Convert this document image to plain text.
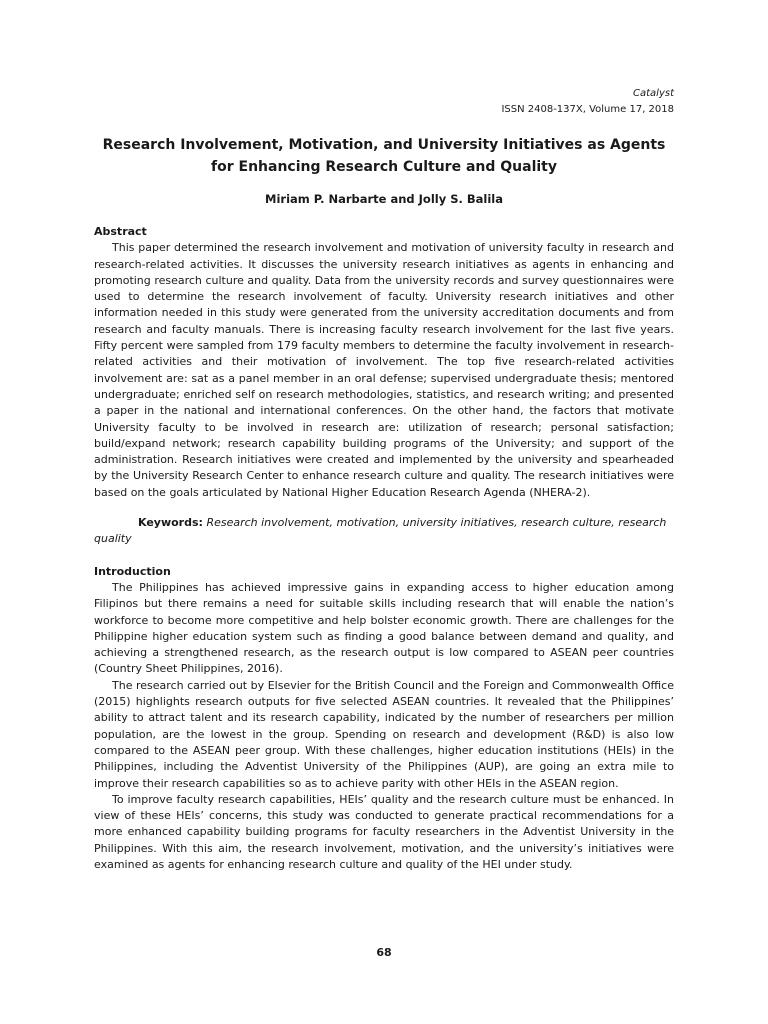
Catalyst
ISSN 2408-137X, Volume 17, 2018
Research Involvement, Motivation, and University Initiatives as Agents for Enhancing Research Culture and Quality
Miriam P. Narbarte and Jolly S. Balila

Abstract

This paper determined the research involvement and motivation of university faculty in research and research-related activities. It discusses the university research initiatives as agents in enhancing and promoting research culture and quality. Data from the university records and survey questionnaires were used to determine the research involvement of faculty. University research initiatives and other information needed in this study were generated from the university accreditation documents and from research and faculty manuals. There is increasing faculty research involvement for the last five years. Fifty percent were sampled from 179 faculty members to determine the faculty involvement in research-related activities and their motivation of involvement. The top five research-related activities involvement are: sat as a panel member in an oral defense; supervised undergraduate thesis; mentored undergraduate; enriched self on research methodologies, statistics, and research writing; and presented a paper in the national and international conferences. On the other hand, the factors that motivate University faculty to be involved in research are: utilization of research; personal satisfaction; build/expand network; research capability building programs of the University; and support of the administration. Research initiatives were created and implemented by the university and spearheaded by the University Research Center to enhance research culture and quality. The research initiatives were based on the goals articulated by National Higher Education Research Agenda (NHERA-2).

Keywords: Research involvement, motivation, university initiatives, research culture, research quality

Introduction

The Philippines has achieved impressive gains in expanding access to higher education among Filipinos but there remains a need for suitable skills including research that will enable the nation’s workforce to become more competitive and help bolster economic growth. There are challenges for the Philippine higher education system such as finding a good balance between demand and quality, and achieving a strengthened research, as the research output is low compared to ASEAN peer countries (Country Sheet Philippines, 2016).

The research carried out by Elsevier for the British Council and the Foreign and Commonwealth Office (2015) highlights research outputs for five selected ASEAN countries. It revealed that the Philippines’ ability to attract talent and its research capability, indicated by the number of researchers per million population, are the lowest in the group. Spending on research and development (R&D) is also low compared to the ASEAN peer group. With these challenges, higher education institutions (HEIs) in the Philippines, including the Adventist University of the Philippines (AUP), are going an extra mile to improve their research capabilities so as to achieve parity with other HEIs in the ASEAN region.

To improve faculty research capabilities, HEIs’ quality and the research culture must be enhanced. In view of these HEIs’ concerns, this study was conducted to generate practical recommendations for a more enhanced capability building programs for faculty researchers in the Adventist University in the Philippines. With this aim, the research involvement, motivation, and the university’s initiatives were examined as agents for enhancing research culture and quality of the HEI under study.

68
